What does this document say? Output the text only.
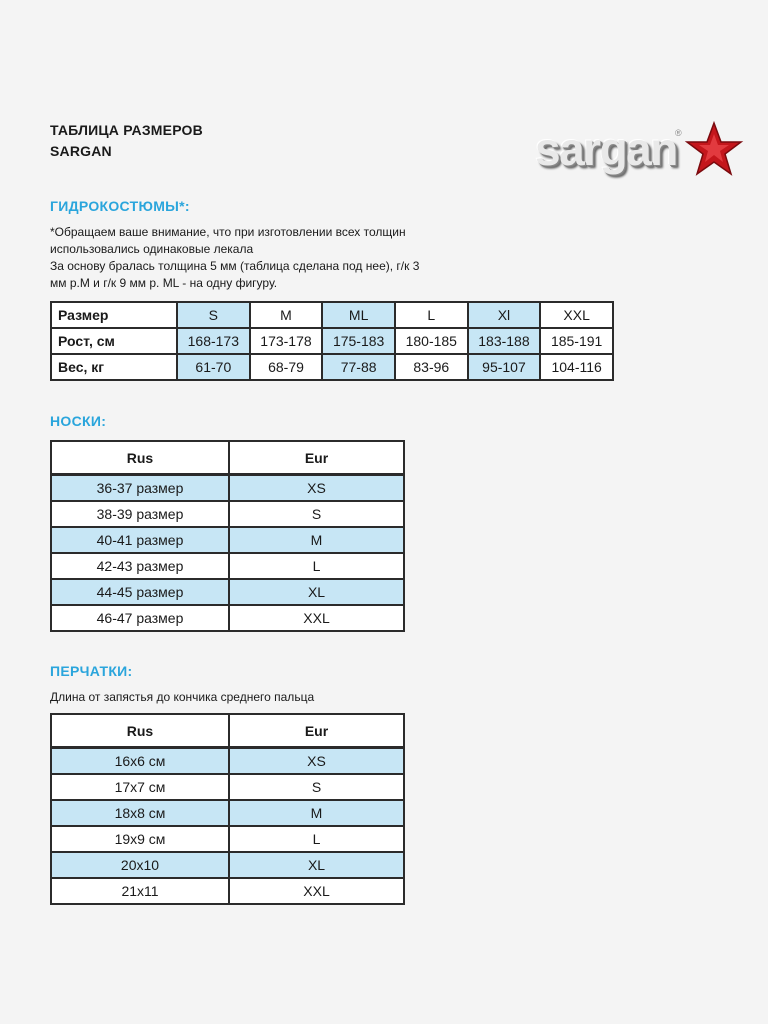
ТАБЛИЦА РАЗМЕРОВ
SARGAN	sargan
®
ГИДРОКОСТЮМЫ*:
*Обращаем ваше внимание, что при изготовлении всех толщин
использовались одинаковые лекала
За основу бралась толщина 5 мм (таблица сделана под нее), г/к 3
мм р.М и г/к 9 мм р. ML - на одну фигуру.
Размер	S	M	ML	L	Xl	XXL
Рост, см	168-173	173-178	175-183	180-185	183-188	185-191
Вес, кг	61-70	68-79	77-88	83-96	95-107	104-116
НОСКИ:
Rus	Eur
36-37 размер	XS
38-39 размер	S
40-41 размер	M
42-43 размер	L
44-45 размер	XL
46-47 размер	XXL
ПЕРЧАТКИ:
Длина от запястья до кончика среднего пальца
Rus	Eur
16х6 см	XS
17х7 см	S
18х8 см	M
19х9 см	L
20х10	XL
21х11	XXL
